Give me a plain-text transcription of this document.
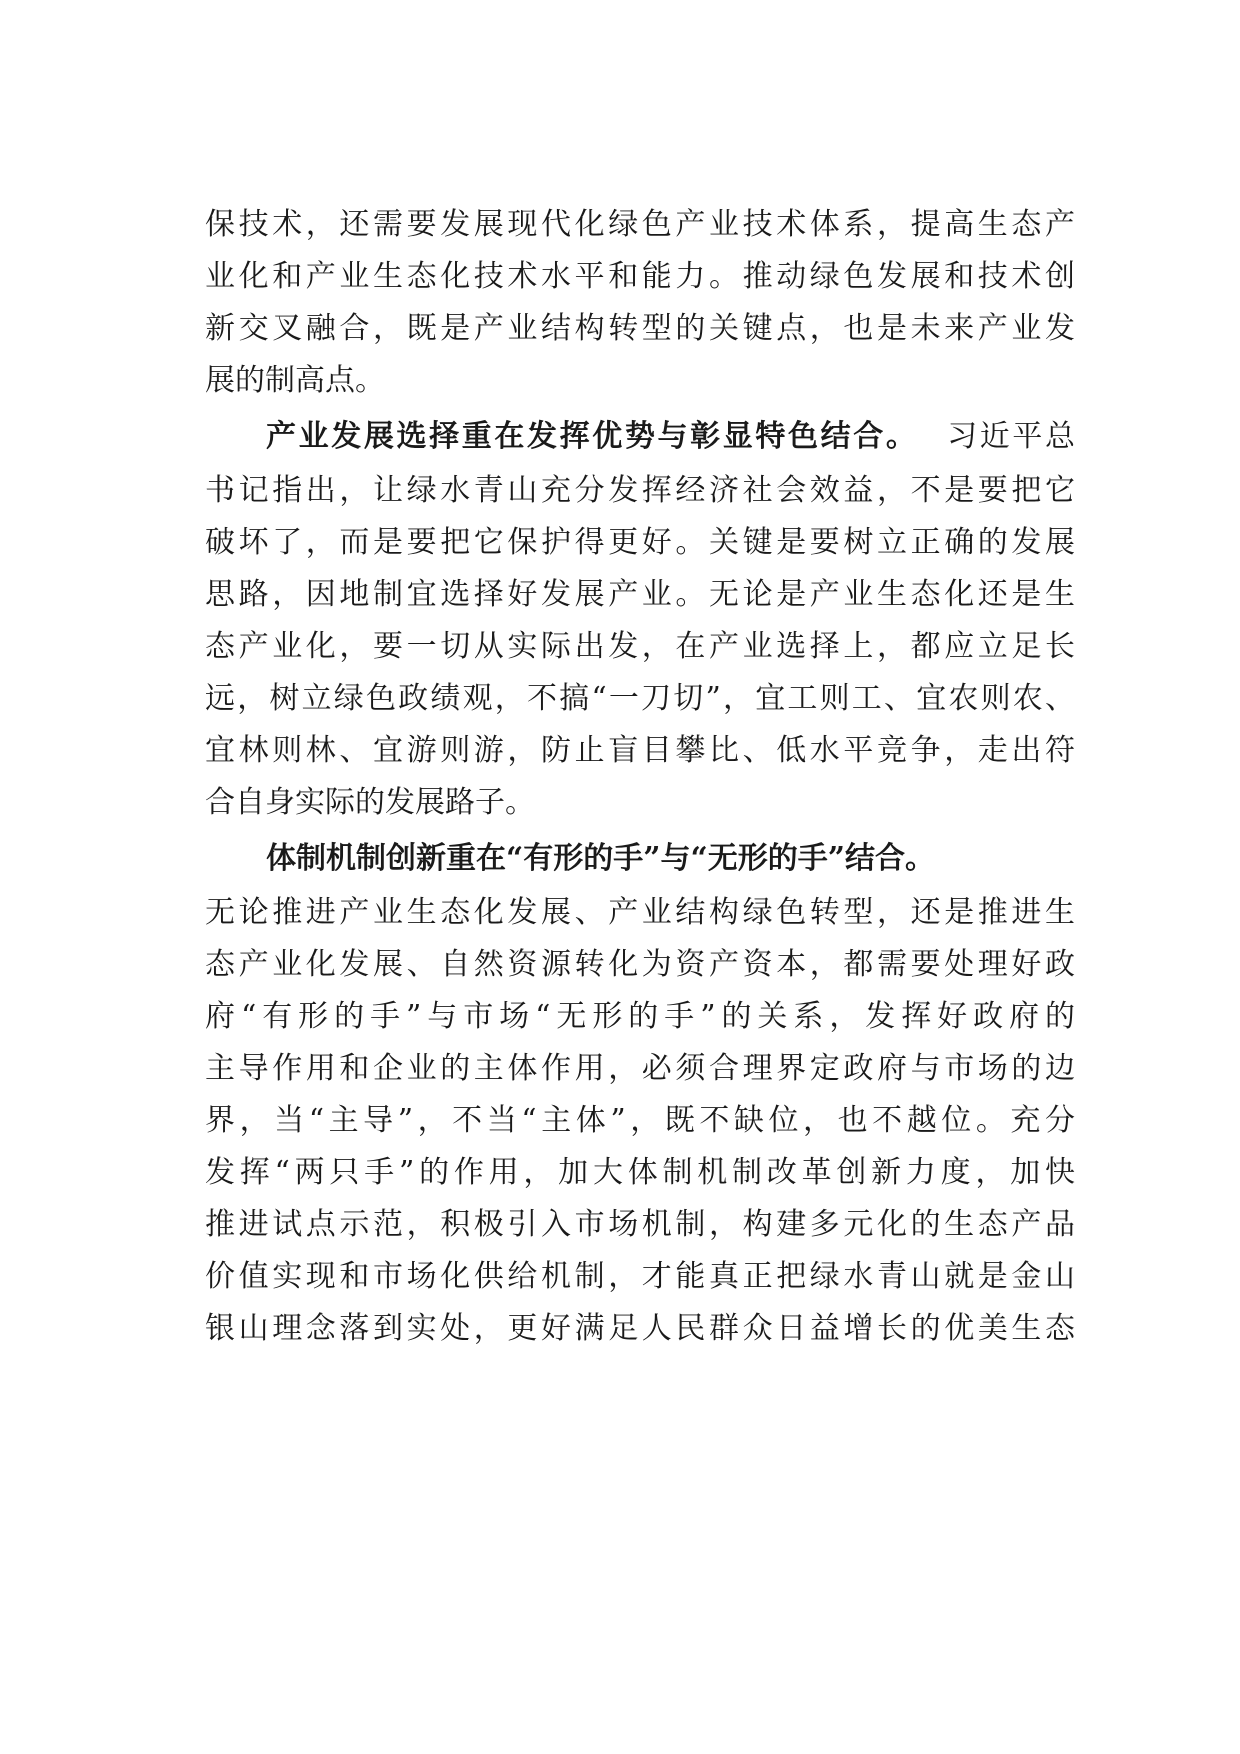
保技术，还需要发展现代化绿色产业技术体系，提高生态产
业化和产业生态化技术水平和能力。推动绿色发展和技术创
新交叉融合，既是产业结构转型的关键点，也是未来产业发
展的制高点。
产业发展选择重在发挥优势与彰显特色结合。 习近平总
书记指出，让绿水青山充分发挥经济社会效益，不是要把它
破坏了，而是要把它保护得更好。关键是要树立正确的发展
思路，因地制宜选择好发展产业。无论是产业生态化还是生
态产业化，要一切从实际出发，在产业选择上，都应立足长
远，树立绿色政绩观，不搞“一刀切”，宜工则工、宜农则农、
宜林则林、宜游则游，防止盲目攀比、低水平竞争，走出符
合自身实际的发展路子。
体制机制创新重在“有形的手”与“无形的手”结合。
无论推进产业生态化发展、产业结构绿色转型，还是推进生
态产业化发展、自然资源转化为资产资本，都需要处理好政
府“有形的手”与市场“无形的手”的关系，发挥好政府的
主导作用和企业的主体作用，必须合理界定政府与市场的边
界，当“主导”，不当“主体”，既不缺位，也不越位。充分
发挥“两只手”的作用，加大体制机制改革创新力度，加快
推进试点示范，积极引入市场机制，构建多元化的生态产品
价值实现和市场化供给机制，才能真正把绿水青山就是金山
银山理念落到实处，更好满足人民群众日益增长的优美生态
